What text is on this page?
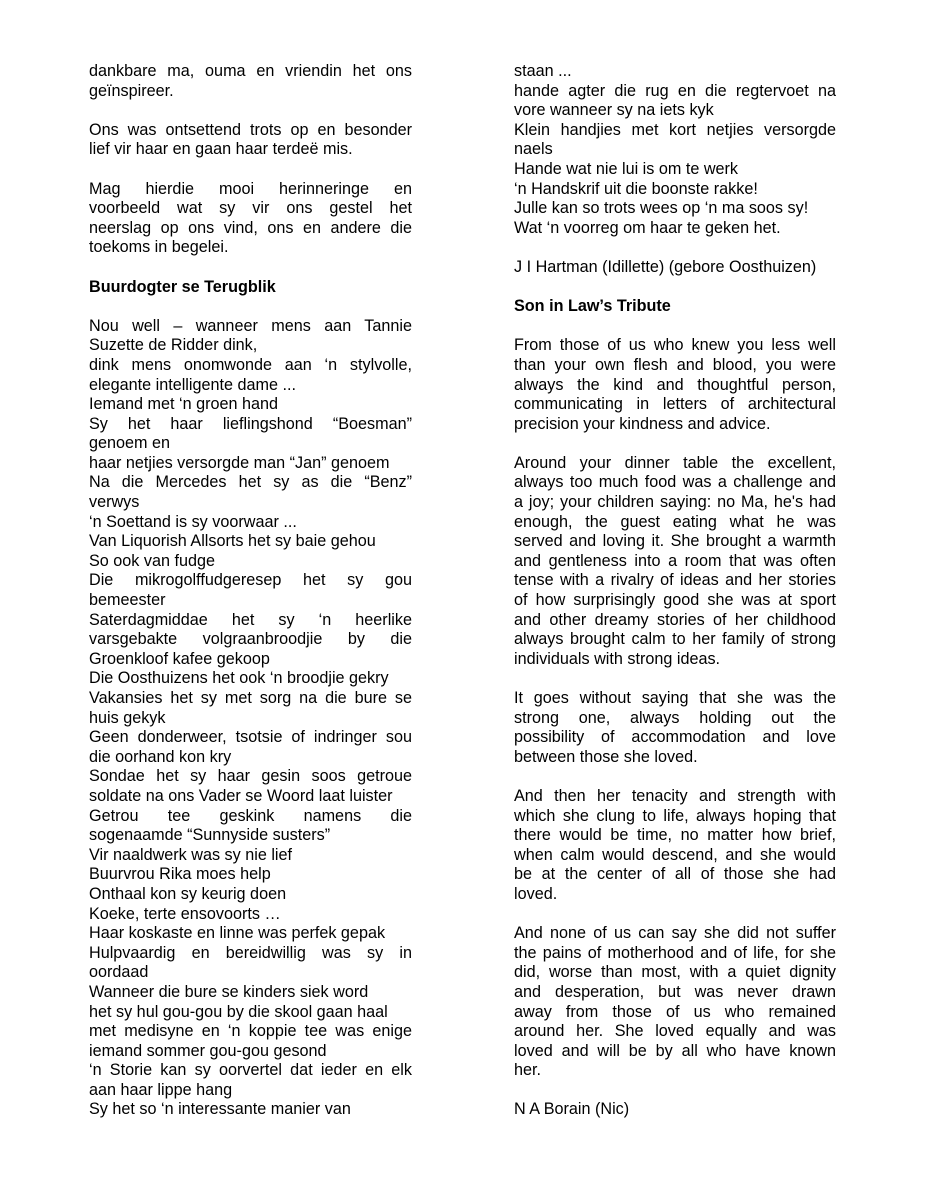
dankbare ma, ouma en vriendin het ons
geïnspireer.
Ons was ontsettend trots op en besonder
lief vir haar en gaan haar terdeë mis.
Mag hierdie mooi herinneringe en
voorbeeld wat sy vir ons gestel het
neerslag op ons vind, ons en andere die
toekoms in begelei.
Buurdogter se Terugblik
Nou well – wanneer mens aan Tannie
Suzette de Ridder dink,
dink mens onomwonde aan ‘n stylvolle,
elegante intelligente dame ...
Iemand met ‘n groen hand
Sy het haar lieflingshond “Boesman”
genoem en
haar netjies versorgde man “Jan” genoem
Na die Mercedes het sy as die “Benz”
verwys
‘n Soettand is sy voorwaar ...
Van Liquorish Allsorts het sy baie gehou
So ook van fudge
Die mikrogolffudgeresep het sy gou
bemeester
Saterdagmiddae het sy ‘n heerlike
varsgebakte volgraanbroodjie by die
Groenkloof kafee gekoop
Die Oosthuizens het ook ‘n broodjie gekry
Vakansies het sy met sorg na die bure se
huis gekyk
Geen donderweer, tsotsie of indringer sou
die oorhand kon kry
Sondae het sy haar gesin soos getroue
soldate na ons Vader se Woord laat luister
Getrou tee geskink namens die
sogenaamde “Sunnyside susters”
Vir naaldwerk was sy nie lief
Buurvrou Rika moes help
Onthaal kon sy keurig doen
Koeke, terte ensovoorts …
Haar koskaste en linne was perfek gepak
Hulpvaardig en bereidwillig was sy in
oordaad
Wanneer die bure se kinders siek word
het sy hul gou-gou by die skool gaan haal
met medisyne en ‘n koppie tee was enige
iemand sommer gou-gou gesond
‘n Storie kan sy oorvertel dat ieder en elk
aan haar lippe hang
Sy het so ‘n interessante manier van
staan ...
hande agter die rug en die regtervoet na
vore wanneer sy na iets kyk
Klein handjies met kort netjies versorgde
naels
Hande wat nie lui is om te werk
‘n Handskrif uit die boonste rakke!
Julle kan so trots wees op ‘n ma soos sy!
Wat ‘n voorreg om haar te geken het.
J I Hartman (Idillette) (gebore Oosthuizen)
Son in Law’s Tribute
From those of us who knew you less well
than your own flesh and blood, you were
always the kind and thoughtful person,
communicating in letters of architectural
precision your kindness and advice.
Around your dinner table the excellent,
always too much food was a challenge and
a joy; your children saying: no Ma, he's had
enough, the guest eating what he was
served and loving it. She brought a warmth
and gentleness into a room that was often
tense with a rivalry of ideas and her stories
of how surprisingly good she was at sport
and other dreamy stories of her childhood
always brought calm to her family of strong
individuals with strong ideas.
It goes without saying that she was the
strong one, always holding out the
possibility of accommodation and love
between those she loved.
And then her tenacity and strength with
which she clung to life, always hoping that
there would be time, no matter how brief,
when calm would descend, and she would
be at the center of all of those she had
loved.
And none of us can say she did not suffer
the pains of motherhood and of life, for she
did, worse than most, with a quiet dignity
and desperation, but was never drawn
away from those of us who remained
around her. She loved equally and was
loved and will be by all who have known
her.
N A Borain (Nic)
